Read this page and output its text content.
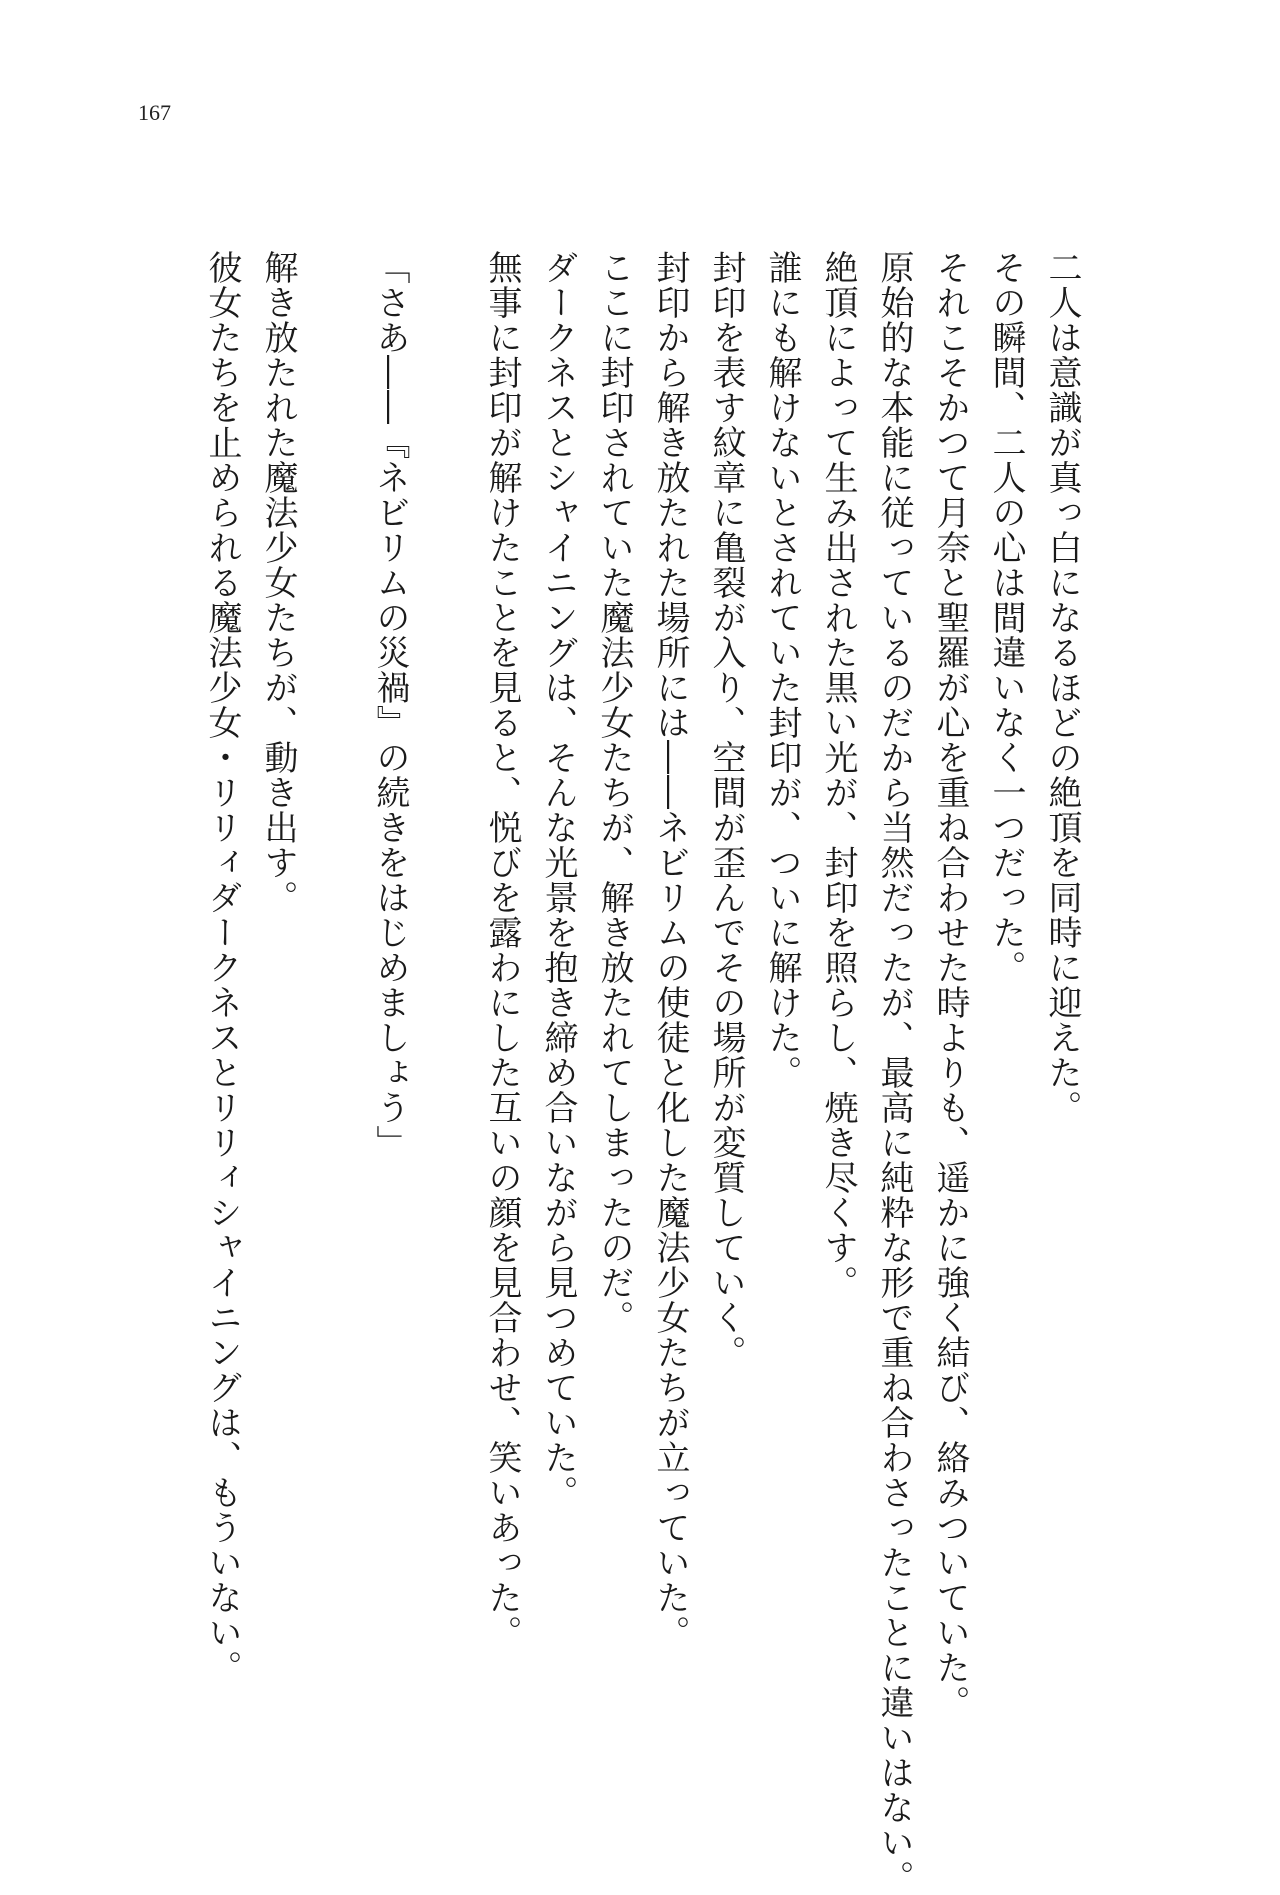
167

二人は意識が真っ白になるほどの絶頂を同時に迎えた。

その瞬間、二人の心は間違いなく一つだった。

それこそかつて月奈と聖羅が心を重ね合わせた時よりも、遥かに強く結び、絡みついていた。

原始的な本能に従っているのだから当然だったが、最高に純粋な形で重ね合わさったことに違いはない。

絶頂によって生み出された黒い光が、封印を照らし、焼き尽くす。

誰にも解けないとされていた封印が、ついに解けた。

封印を表す紋章に亀裂が入り、空間が歪んでその場所が変質していく。

封印から解き放たれた場所には――ネビリムの使徒と化した魔法少女たちが立っていた。

ここに封印されていた魔法少女たちが、解き放たれてしまったのだ。

ダークネスとシャイニングは、そんな光景を抱き締め合いながら見つめていた。

無事に封印が解けたことを見ると、悦びを露わにした互いの顔を見合わせ、笑いあった。

「さあ――『ネビリムの災禍』の続きをはじめましょう」

解き放たれた魔法少女たちが、動き出す。

彼女たちを止められる魔法少女・リリィダークネスとリリィシャイニングは、もういない。
